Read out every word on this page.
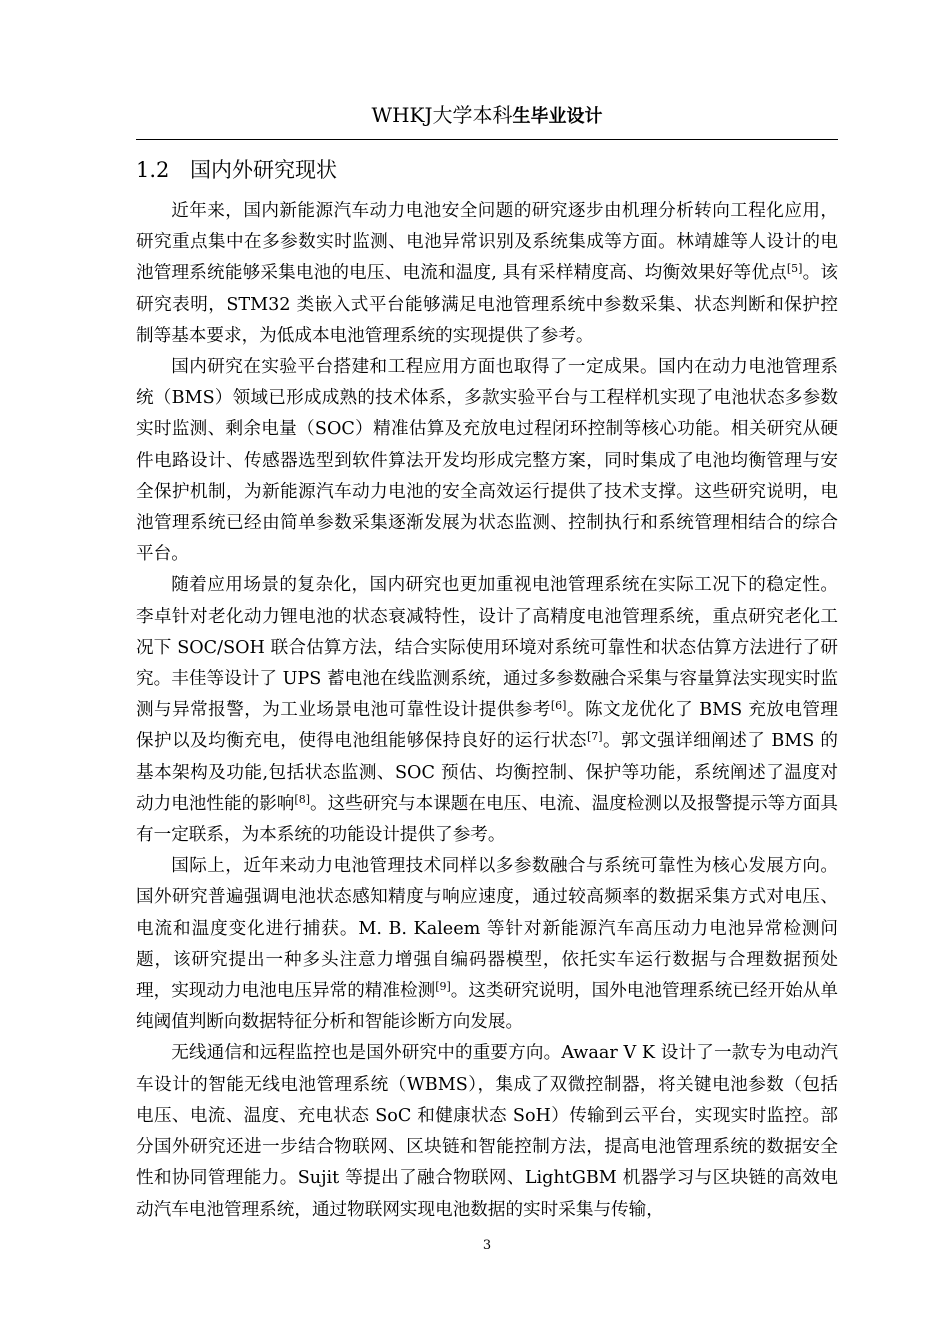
WHKJ大学本科生毕业设计
1.2 国内外研究现状

近年来，国内新能源汽车动力电池安全问题的研究逐步由机理分析转向工程化应用，研究重点集中在多参数实时监测、电池异常识别及系统集成等方面。林靖雄等人设计的电池管理系统能够采集电池的电压、电流和温度, 具有采样精度高、均衡效果好等优点[5]。该研究表明，STM32 类嵌入式平台能够满足电池管理系统中参数采集、状态判断和保护控制等基本要求，为低成本电池管理系统的实现提供了参考。

国内研究在实验平台搭建和工程应用方面也取得了一定成果。国内在动力电池管理系统（BMS）领域已形成成熟的技术体系，多款实验平台与工程样机实现了电池状态多参数实时监测、剩余电量（SOC）精准估算及充放电过程闭环控制等核心功能。相关研究从硬件电路设计、传感器选型到软件算法开发均形成完整方案，同时集成了电池均衡管理与安全保护机制，为新能源汽车动力电池的安全高效运行提供了技术支撑。这些研究说明，电池管理系统已经由简单参数采集逐渐发展为状态监测、控制执行和系统管理相结合的综合平台。

随着应用场景的复杂化，国内研究也更加重视电池管理系统在实际工况下的稳定性。李卓针对老化动力锂电池的状态衰减特性，设计了高精度电池管理系统，重点研究老化工况下 SOC/SOH 联合估算方法，结合实际使用环境对系统可靠性和状态估算方法进行了研究。丰佳等设计了 UPS 蓄电池在线监测系统，通过多参数融合采集与容量算法实现实时监测与异常报警，为工业场景电池可靠性设计提供参考[6]。陈文龙优化了 BMS 充放电管理保护以及均衡充电，使得电池组能够保持良好的运行状态[7]。郭文强详细阐述了 BMS 的基本架构及功能,包括状态监测、SOC 预估、均衡控制、保护等功能，系统阐述了温度对动力电池性能的影响[8]。这些研究与本课题在电压、电流、温度检测以及报警提示等方面具有一定联系，为本系统的功能设计提供了参考。

国际上，近年来动力电池管理技术同样以多参数融合与系统可靠性为核心发展方向。国外研究普遍强调电池状态感知精度与响应速度，通过较高频率的数据采集方式对电压、电流和温度变化进行捕获。M. B. Kaleem 等针对新能源汽车高压动力电池异常检测问题，该研究提出一种多头注意力增强自编码器模型，依托实车运行数据与合理数据预处理，实现动力电池电压异常的精准检测[9]。这类研究说明，国外电池管理系统已经开始从单纯阈值判断向数据特征分析和智能诊断方向发展。

无线通信和远程监控也是国外研究中的重要方向。Awaar V K 设计了一款专为电动汽车设计的智能无线电池管理系统（WBMS），集成了双微控制器，将关键电池参数（包括电压、电流、温度、充电状态 SoC 和健康状态 SoH）传输到云平台，实现实时监控。部分国外研究还进一步结合物联网、区块链和智能控制方法，提高电池管理系统的数据安全性和协同管理能力。Sujit 等提出了融合物联网、LightGBM 机器学习与区块链的高效电动汽车电池管理系统，通过物联网实现电池数据的实时采集与传输，

3
